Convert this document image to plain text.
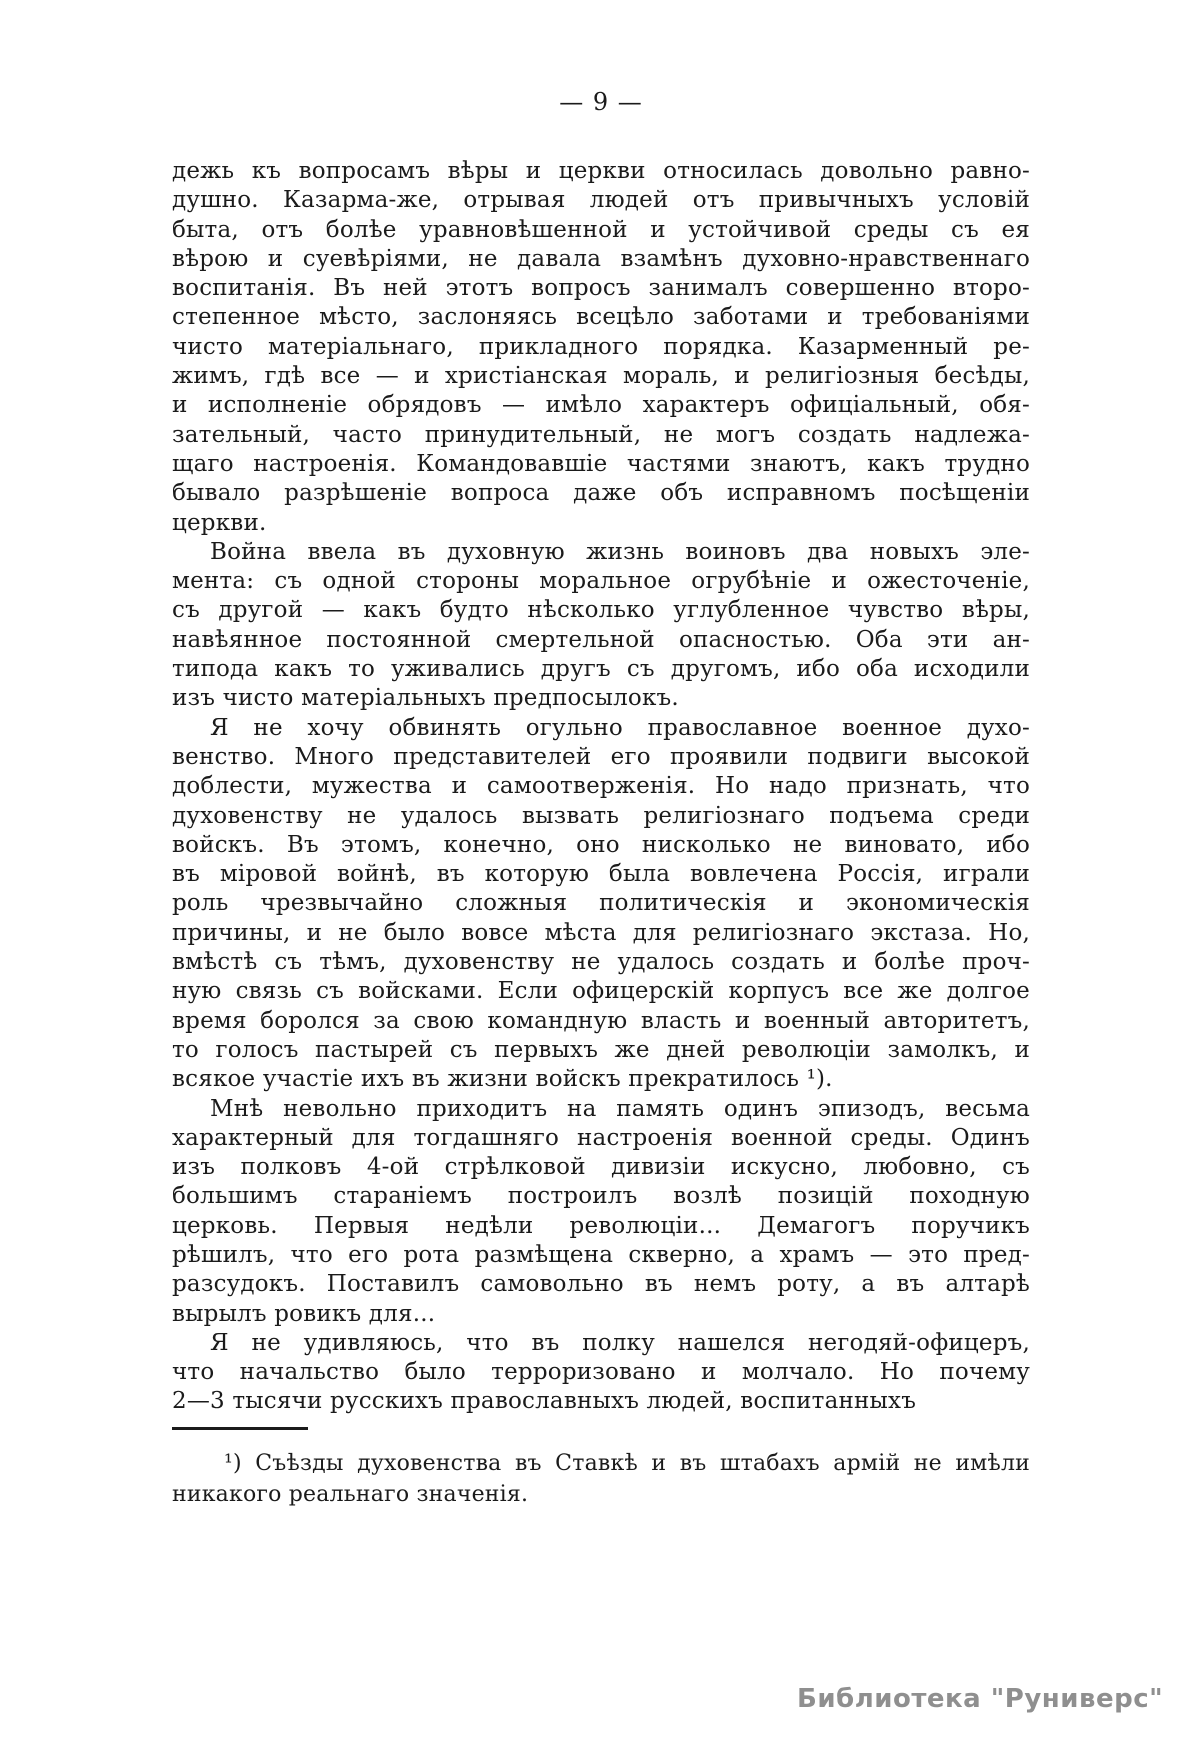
— 9 —
дежь къ вопросамъ вѣры и церкви относилась довольно равно-
душно. Казарма-же, отрывая людей отъ привычныхъ условій
быта, отъ болѣе уравновѣшенной и устойчивой среды съ ея
вѣрою и суевѣріями, не давала взамѣнъ духовно-нравственнаго
воспитанія. Въ ней этотъ вопросъ занималъ совершенно второ-
степенное мѣсто, заслоняясь всецѣло заботами и требованіями
чисто матеріальнаго, прикладного порядка. Казарменный ре-
жимъ, гдѣ все — и христіанская мораль, и религіозныя бесѣды,
и исполненіе обрядовъ — имѣло характеръ офиціальный, обя-
зательный, часто принудительный, не могъ создать надлежа-
щаго настроенія. Командовавшіе частями знаютъ, какъ трудно
бывало разрѣшеніе вопроса даже объ исправномъ посѣщеніи
церкви.
Война ввела въ духовную жизнь воиновъ два новыхъ эле-
мента: съ одной стороны моральное огрубѣніе и ожесточеніе,
съ другой — какъ будто нѣсколько углубленное чувство вѣры,
навѣянное постоянной смертельной опасностью. Оба эти ан-
типода какъ то уживались другъ съ другомъ, ибо оба исходили
изъ чисто матеріальныхъ предпосылокъ.
Я не хочу обвинять огульно православное военное духо-
венство. Много представителей его проявили подвиги высокой
доблести, мужества и самоотверженія. Но надо признать, что
духовенству не удалось вызвать религіознаго подъема среди
войскъ. Въ этомъ, конечно, оно нисколько не виновато, ибо
въ міровой войнѣ, въ которую была вовлечена Россія, играли
роль чрезвычайно сложныя политическія и экономическія
причины, и не было вовсе мѣста для религіознаго экстаза. Но,
вмѣстѣ съ тѣмъ, духовенству не удалось создать и болѣе проч-
ную связь съ войсками. Если офицерскій корпусъ все же долгое
время боролся за свою командную власть и военный авторитетъ,
то голосъ пастырей съ первыхъ же дней революціи замолкъ, и
всякое участіе ихъ въ жизни войскъ прекратилось ¹).
Мнѣ невольно приходитъ на память одинъ эпизодъ, весьма
характерный для тогдашняго настроенія военной среды. Одинъ
изъ полковъ 4-ой стрѣлковой дивизіи искусно, любовно, съ
большимъ стараніемъ построилъ возлѣ позицій походную
церковь. Первыя недѣли революціи... Демагогъ поручикъ
рѣшилъ, что его рота размѣщена скверно, а храмъ — это пред-
разсудокъ. Поставилъ самовольно въ немъ роту, а въ алтарѣ
вырылъ ровикъ для...
Я не удивляюсь, что въ полку нашелся негодяй-офицеръ,
что начальство было терроризовано и молчало. Но почему
2—3 тысячи русскихъ православныхъ людей, воспитанныхъ
¹) Съѣзды духовенства въ Ставкѣ и въ штабахъ армій не имѣли
никакого реальнаго значенія.
Библиотека "Руниверс"
